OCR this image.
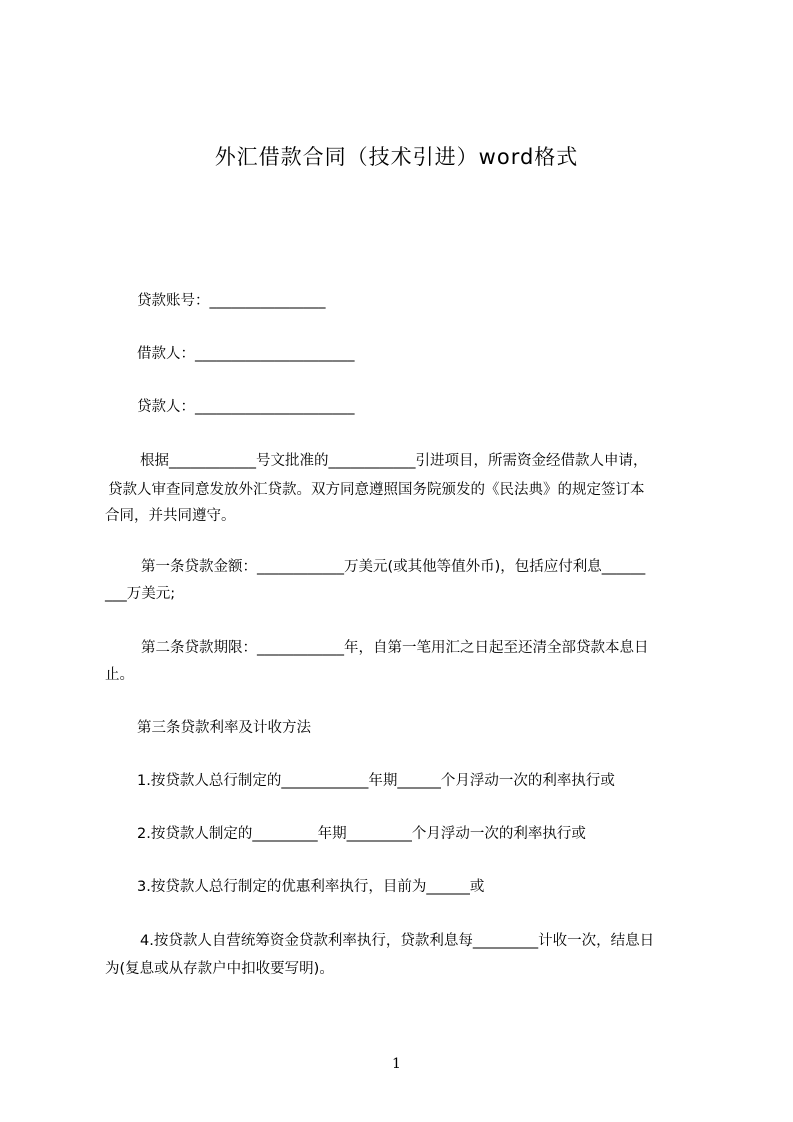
外汇借款合同（技术引进）word格式
贷款账号：________________
借款人：______________________
贷款人：______________________
根据____________号文批准的____________引进项目，所需资金经借款人申请，
贷款人审查同意发放外汇贷款。双方同意遵照国务院颁发的《民法典》的规定签订本
合同，并共同遵守。
第一条贷款金额：____________万美元(或其他等值外币)，包括应付利息______
___万美元;
第二条贷款期限：____________年，自第一笔用汇之日起至还清全部贷款本息日
止。
第三条贷款利率及计收方法
1.按贷款人总行制定的____________年期______个月浮动一次的利率执行或
2.按贷款人制定的_________年期_________个月浮动一次的利率执行或
3.按贷款人总行制定的优惠利率执行，目前为______或
4.按贷款人自营统筹资金贷款利率执行，贷款利息每_________计收一次，结息日
为(复息或从存款户中扣收要写明)。
1
